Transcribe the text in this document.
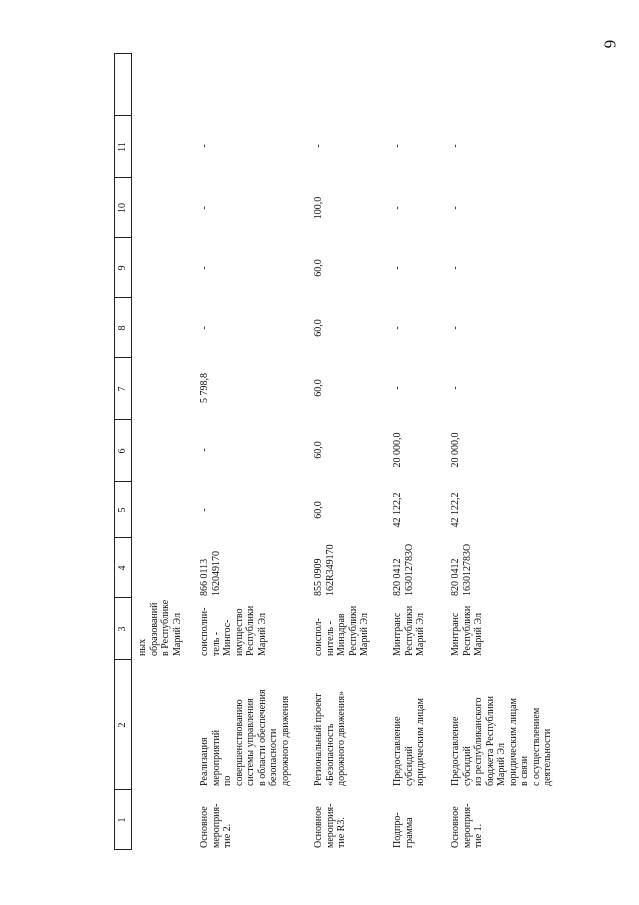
6
1
2
3
4
5
6
7
8
9
10
11
ных
образований
в Республике
Марий Эл
Основное
мероприя-
тие 2.
Реализация
мероприятий
по
совершенствованию
системы управления
в области обеспечения
безопасности
дорожного движения
соисполни-
тель -
Мингос-
имущество
Республики
Марий Эл
866 0113
162049170
-
-
5 798,8
-
-
-
-
Основное
мероприя-
тие R3.
Региональный проект
«Безопасность
дорожного движения»
соиспол-
нитель -
Минздрав
Республики
Марий Эл
855 0909
162R349170
60,0
60,0
60,0
60,0
60,0
100,0
-
Подпро-
грамма
Предоставление
субсидий
юридическим лицам
Минтранс
Республики
Марий Эл
820 0412
163012783О
42 122,2
20 000,0
-
-
-
-
-
Основное
мероприя-
тие 1.
Предоставление
субсидий
из республиканского
бюджета Республики
Марий Эл
юридическим лицам
в связи
с осуществлением
деятельности
Минтранс
Республики
Марий Эл
820 0412
163012783О
42 122,2
20 000,0
-
-
-
-
-
